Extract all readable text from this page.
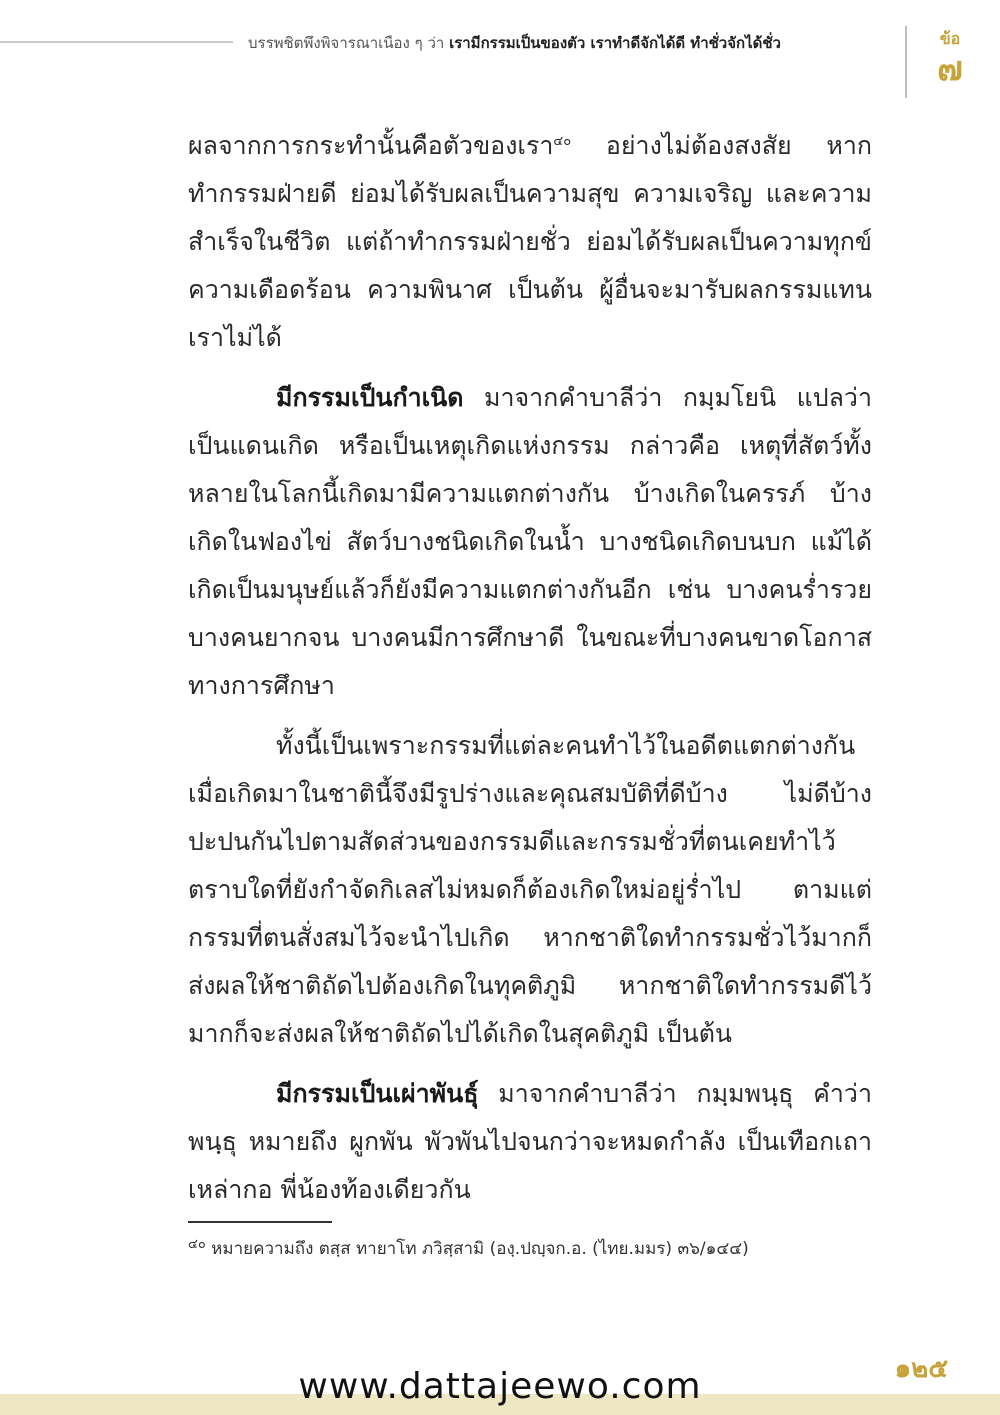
บรรพชิตพึงพิจารณาเนือง ๆ ว่า เรามีกรรมเป็นของตัว เราทำดีจักได้ดี ทำชั่วจักได้ชั่ว	ข้อ
๗

ผลจากการกระทำนั้นคือตัวของเรา$^{๔๐}$ อย่างไม่ต้องสงสัย หากทำกรรมฝ่ายดี ย่อมได้รับผลเป็นความสุข ความเจริญ และความสำเร็จในชีวิต แต่ถ้าทำกรรมฝ่ายชั่ว ย่อมได้รับผลเป็นความทุกข์ ความเดือดร้อน ความพินาศ เป็นต้น ผู้อื่นจะมารับผลกรรมแทนเราไม่ได้

มีกรรมเป็นกำเนิด มาจากคำบาลีว่า กมฺมโยนิ แปลว่า เป็นแดนเกิด หรือเป็นเหตุเกิดแห่งกรรม กล่าวคือ เหตุที่สัตว์ทั้งหลายในโลกนี้เกิดมามีความแตกต่างกัน บ้างเกิดในครรภ์ บ้างเกิดในฟองไข่ สัตว์บางชนิดเกิดในน้ำ บางชนิดเกิดบนบก แม้ได้เกิดเป็นมนุษย์แล้วก็ยังมีความแตกต่างกันอีก เช่น บางคนร่ำรวย บางคนยากจน บางคนมีการศึกษาดี ในขณะที่บางคนขาดโอกาสทางการศึกษา

ทั้งนี้เป็นเพราะกรรมที่แต่ละคนทำไว้ในอดีตแตกต่างกัน เมื่อเกิดมาในชาตินี้จึงมีรูปร่างและคุณสมบัติที่ดีบ้าง ไม่ดีบ้าง ปะปนกันไปตามสัดส่วนของกรรมดีและกรรมชั่วที่ตนเคยทำไว้ ตราบใดที่ยังกำจัดกิเลสไม่หมดก็ต้องเกิดใหม่อยู่ร่ำไป ตามแต่กรรมที่ตนสั่งสมไว้จะนำไปเกิด หากชาติใดทำกรรมชั่วไว้มากก็ส่งผลให้ชาติถัดไปต้องเกิดในทุคติภูมิ หากชาติใดทำกรรมดีไว้มากก็จะส่งผลให้ชาติถัดไปได้เกิดในสุคติภูมิ เป็นต้น

มีกรรมเป็นเผ่าพันธุ์ มาจากคำบาลีว่า กมฺมพนฺธุ คำว่า พนฺธุ หมายถึง ผูกพัน พัวพันไปจนกว่าจะหมดกำลัง เป็นเทือกเถาเหล่ากอ พี่น้องท้องเดียวกัน

$^{๔๐}$ หมายความถึง ตสฺส ทายาโท ภวิสฺสามิ (องฺ.ปญฺจก.อ. (ไทย.มมร) ๓๖/๑๔๔)
๑๒๕
www.dattajeewo.com
